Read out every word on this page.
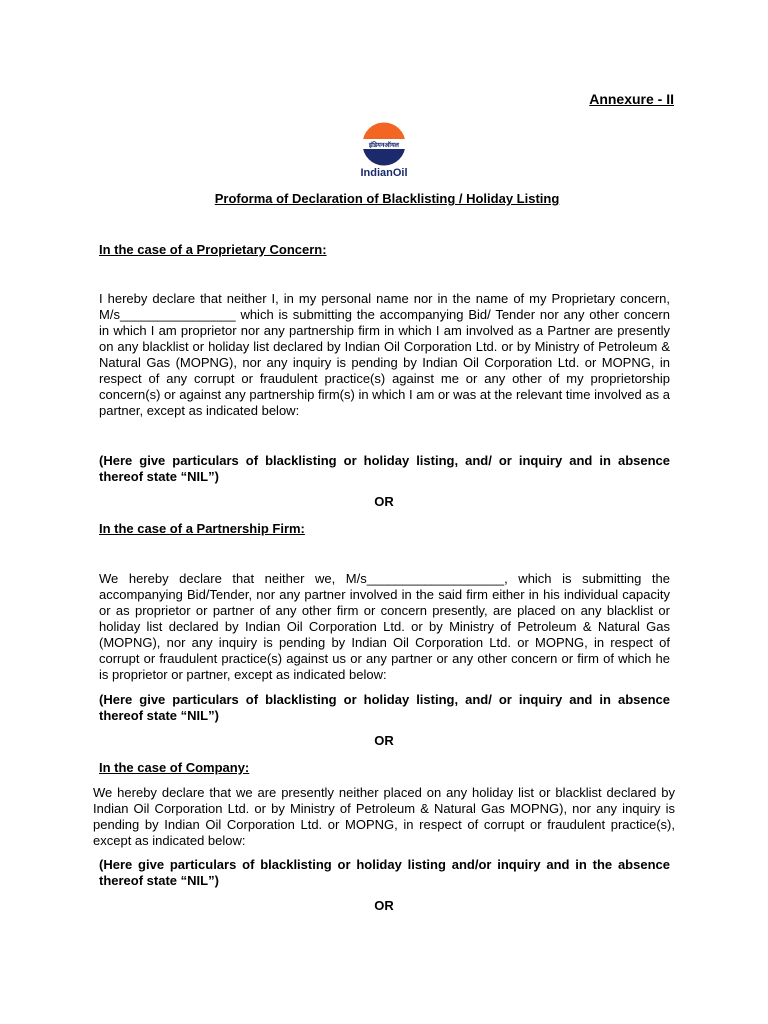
Annexure - II
इंडियनऑयल
IndianOil
Proforma of Declaration of Blacklisting / Holiday Listing
In the case of a Proprietary Concern:
I hereby declare that neither I, in my personal name nor in the name of my Proprietary concern, M/s________________ which is submitting the accompanying Bid/ Tender nor any other concern in which I am proprietor nor any partnership firm in which I am involved as a Partner are presently on any blacklist or holiday list declared by Indian Oil Corporation Ltd. or by Ministry of Petroleum & Natural Gas (MOPNG), nor any inquiry is pending by Indian Oil Corporation Ltd. or MOPNG, in respect of any corrupt or fraudulent practice(s) against me or any other of my proprietorship concern(s) or against any partnership firm(s) in which I am or was at the relevant time involved as a partner, except as indicated below:
(Here give particulars of blacklisting or holiday listing, and/ or inquiry and in absence thereof state “NIL”)
OR
In the case of a Partnership Firm:
We hereby declare that neither we, M/s___________________, which is submitting the accompanying Bid/Tender, nor any partner involved in the said firm either in his individual capacity or as proprietor or partner of any other firm or concern presently, are placed on any blacklist or holiday list declared by Indian Oil Corporation Ltd. or by Ministry of Petroleum & Natural Gas (MOPNG), nor any inquiry is pending by Indian Oil Corporation Ltd. or MOPNG, in respect of corrupt or fraudulent practice(s) against us or any partner or any other concern or firm of which he is proprietor or partner, except as indicated below:
(Here give particulars of blacklisting or holiday listing, and/ or inquiry and in absence thereof state “NIL”)
OR
In the case of Company:
We hereby declare that we are presently neither placed on any holiday list or blacklist declared by Indian Oil Corporation Ltd. or by Ministry of Petroleum & Natural Gas MOPNG), nor any inquiry is pending by Indian Oil Corporation Ltd. or MOPNG, in respect of corrupt or fraudulent practice(s), except as indicated below:
(Here give particulars of blacklisting or holiday listing and/or inquiry and in the absence thereof state “NIL”)
OR
